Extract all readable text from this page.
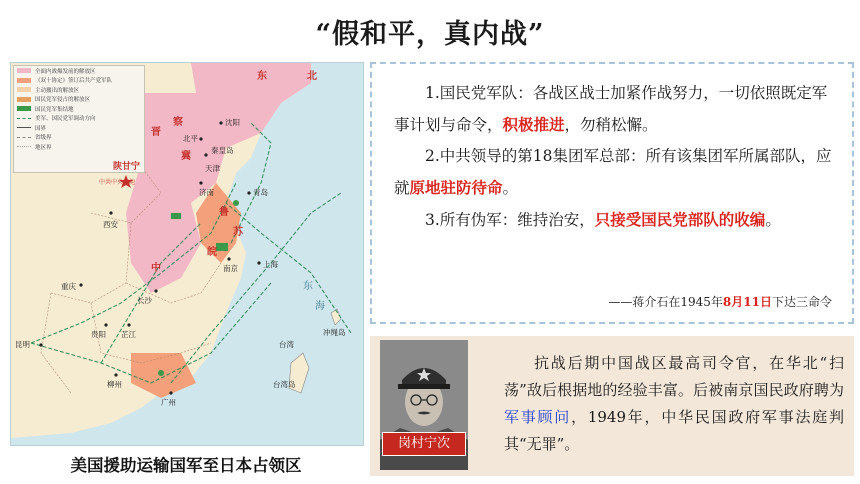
“假和平，真内战”
全面内战爆发前的解放区
《双十协定》签订后共产党军队
主动撤出的解放区
国民党军侵占的解放区
国民党军集结地
美军、国民党军调动方向
国界
省级界
地区界
东	北
沈阳
北平
秦皇岛
天津
济南	青岛
西安
陕甘宁
中共中央驻地
南京	上海
重庆
长沙
贵阳 芷江
昆明
柳州
广州
台湾
台湾岛
冲绳岛
东
海
中
晋
察
冀
鲁
苏
皖
美国援助运输国军至日本占领区

1.国民党军队：各战区战士加紧作战努力，一切依照既定军事计划与命令，积极推进，勿稍松懈。

2.中共领导的第18集团军总部：所有该集团军所属部队，应就原地驻防待命。

3.所有伪军：维持治安，只接受国民党部队的收编。

——蒋介石在1945年8月11日下达三命令
岗村宁次

抗战后期中国战区最高司令官，在华北“扫荡”敌后根据地的经验丰富。后被南京国民政府聘为军事顾问，1949年，中华民国政府军事法庭判其“无罪”。
